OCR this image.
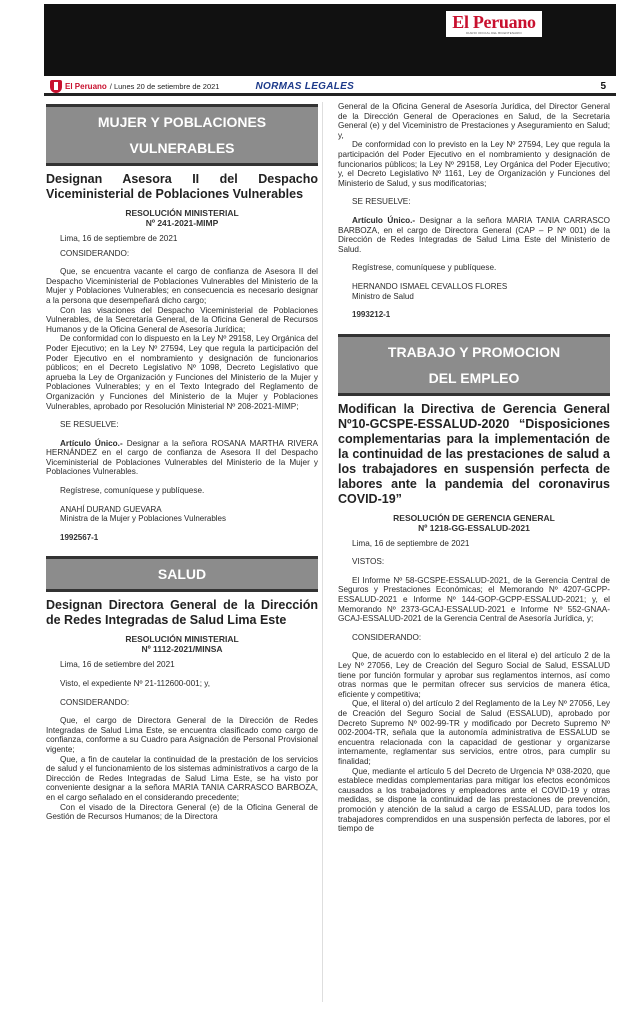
El Peruano
DIARIO OFICIAL DEL BICENTENARIO
El Peruano / Lunes 20 de setiembre de 2021	NORMAS LEGALES	5
MUJER Y POBLACIONES
VULNERABLES
Designan Asesora II del Despacho Viceministerial de Poblaciones Vulnerables
RESOLUCIÓN MINISTERIAL
Nº 241-2021-MIMP
Lima, 16 de septiembre de 2021
CONSIDERANDO:

Que, se encuentra vacante el cargo de confianza de Asesora II del Despacho Viceministerial de Poblaciones Vulnerables del Ministerio de la Mujer y Poblaciones Vulnerables; en consecuencia es necesario designar a la persona que desempeñará dicho cargo;

Con las visaciones del Despacho Viceministerial de Poblaciones Vulnerables, de la Secretaría General, de la Oficina General de Recursos Humanos y de la Oficina General de Asesoría Jurídica;

De conformidad con lo dispuesto en la Ley Nº 29158, Ley Orgánica del Poder Ejecutivo; en la Ley Nº 27594, Ley que regula la participación del Poder Ejecutivo en el nombramiento y designación de funcionarios públicos; en el Decreto Legislativo Nº 1098, Decreto Legislativo que aprueba la Ley de Organización y Funciones del Ministerio de la Mujer y Poblaciones Vulnerables; y en el Texto Integrado del Reglamento de Organización y Funciones del Ministerio de la Mujer y Poblaciones Vulnerables, aprobado por Resolución Ministerial Nº 208-2021-MIMP;

SE RESUELVE:

Artículo Único.- Designar a la señora ROSANA MARTHA RIVERA HERNÁNDEZ en el cargo de confianza de Asesora II del Despacho Viceministerial de Poblaciones Vulnerables del Ministerio de la Mujer y Poblaciones Vulnerables.

Regístrese, comuníquese y publíquese.
ANAHÍ DURAND GUEVARA
Ministra de la Mujer y Poblaciones Vulnerables
1992567-1
SALUD
Designan Directora General de la Dirección de Redes Integradas de Salud Lima Este
RESOLUCIÓN MINISTERIAL
Nº 1112-2021/MINSA
Lima, 16 de setiembre del 2021
Visto, el expediente Nº 21-112600-001; y,
CONSIDERANDO:

Que, el cargo de Directora General de la Dirección de Redes Integradas de Salud Lima Este, se encuentra clasificado como cargo de confianza, conforme a su Cuadro para Asignación de Personal Provisional vigente;

Que, a fin de cautelar la continuidad de la prestación de los servicios de salud y el funcionamiento de los sistemas administrativos a cargo de la Dirección de Redes Integradas de Salud Lima Este, se ha visto por conveniente designar a la señora MARIA TANIA CARRASCO BARBOZA, en el cargo señalado en el considerando precedente;

Con el visado de la Directora General (e) de la Oficina General de Gestión de Recursos Humanos; de la Directora

General de la Oficina General de Asesoría Jurídica, del Director General de la Dirección General de Operaciones en Salud, de la Secretaria General (e) y del Viceministro de Prestaciones y Aseguramiento en Salud; y,

De conformidad con lo previsto en la Ley Nº 27594, Ley que regula la participación del Poder Ejecutivo en el nombramiento y designación de funcionarios públicos; la Ley Nº 29158, Ley Orgánica del Poder Ejecutivo; y, el Decreto Legislativo Nº 1161, Ley de Organización y Funciones del Ministerio de Salud, y sus modificatorias;

SE RESUELVE:

Artículo Único.- Designar a la señora MARIA TANIA CARRASCO BARBOZA, en el cargo de Directora General (CAP – P Nº 001) de la Dirección de Redes Integradas de Salud Lima Este del Ministerio de Salud.

Regístrese, comuníquese y publíquese.
HERNANDO ISMAEL CEVALLOS FLORES
Ministro de Salud
1993212-1
TRABAJO Y PROMOCION
DEL EMPLEO
Modifican la Directiva de Gerencia General Nº10-GCSPE-ESSALUD-2020 “Disposiciones complementarias para la implementación de la continuidad de las prestaciones de salud a los trabajadores en suspensión perfecta de labores ante la pandemia del coronavirus COVID-19”
RESOLUCIÓN DE GERENCIA GENERAL
Nº 1218-GG-ESSALUD-2021
Lima, 16 de septiembre de 2021
VISTOS:

El Informe Nº 58-GCSPE-ESSALUD-2021, de la Gerencia Central de Seguros y Prestaciones Económicas; el Memorando Nº 4207-GCPP-ESSALUD-2021 e Informe Nº 144-GOP-GCPP-ESSALUD-2021; y, el Memorando Nº 2373-GCAJ-ESSALUD-2021 e Informe Nº 552-GNAA-GCAJ-ESSALUD-2021 de la Gerencia Central de Asesoría Jurídica, y;

CONSIDERANDO:

Que, de acuerdo con lo establecido en el literal e) del artículo 2 de la Ley Nº 27056, Ley de Creación del Seguro Social de Salud, ESSALUD tiene por función formular y aprobar sus reglamentos internos, así como otras normas que le permitan ofrecer sus servicios de manera ética, eficiente y competitiva;

Que, el literal o) del artículo 2 del Reglamento de la Ley Nº 27056, Ley de Creación del Seguro Social de Salud (ESSALUD), aprobado por Decreto Supremo Nº 002-99-TR y modificado por Decreto Supremo Nº 002-2004-TR, señala que la autonomía administrativa de ESSALUD se encuentra relacionada con la capacidad de gestionar y organizarse internamente, reglamentar sus servicios, entre otros, para cumplir su finalidad;

Que, mediante el artículo 5 del Decreto de Urgencia Nº 038-2020, que establece medidas complementarias para mitigar los efectos económicos causados a los trabajadores y empleadores ante el COVID-19 y otras medidas, se dispone la continuidad de las prestaciones de prevención, promoción y atención de la salud a cargo de ESSALUD, para todos los trabajadores comprendidos en una suspensión perfecta de labores, por el tiempo de
